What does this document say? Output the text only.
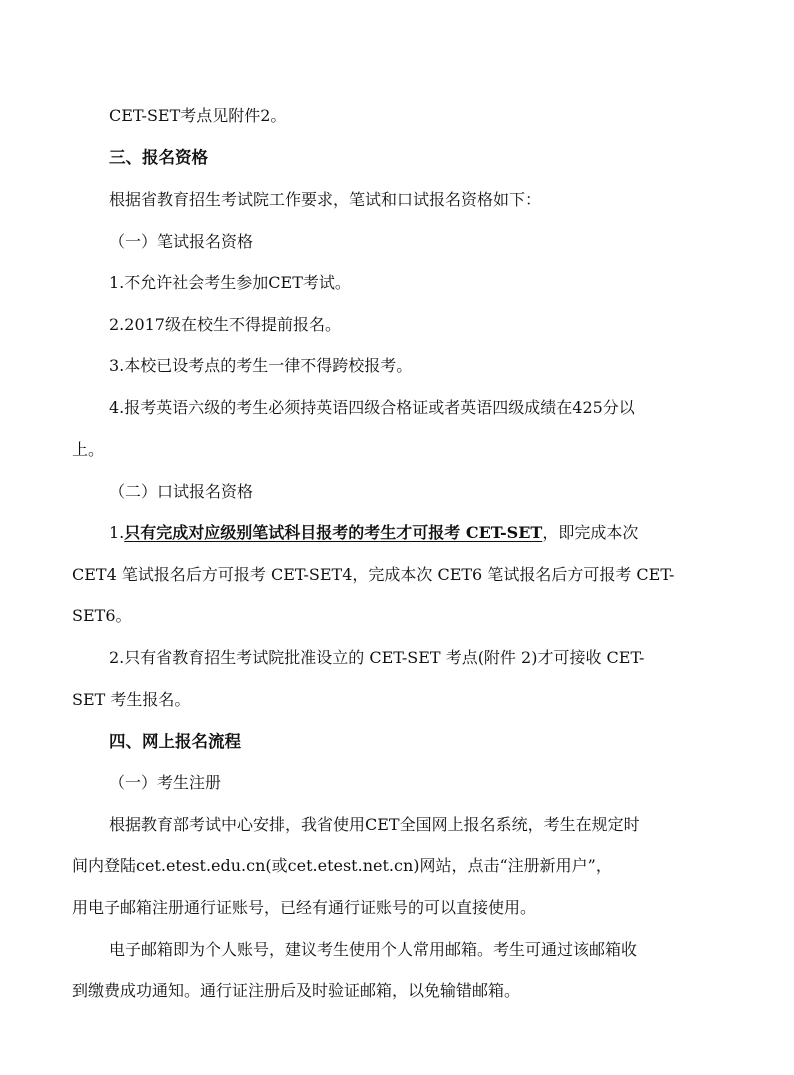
CET-SET考点见附件2。
三、报名资格
根据省教育招生考试院工作要求，笔试和口试报名资格如下：
（一）笔试报名资格
1.不允许社会考生参加CET考试。
2.2017级在校生不得提前报名。
3.本校已设考点的考生一律不得跨校报考。
4.报考英语六级的考生必须持英语四级合格证或者英语四级成绩在425分以
上。
（二）口试报名资格
1.只有完成对应级别笔试科目报考的考生才可报考 CET-SET，即完成本次
CET4 笔试报名后方可报考 CET-SET4，完成本次 CET6 笔试报名后方可报考 CET-
SET6。
2.只有省教育招生考试院批准设立的 CET-SET 考点(附件 2)才可接收 CET-
SET 考生报名。
四、网上报名流程
（一）考生注册
根据教育部考试中心安排，我省使用CET全国网上报名系统，考生在规定时
间内登陆cet.etest.edu.cn(或cet.etest.net.cn)网站，点击“注册新用户”，
用电子邮箱注册通行证账号，已经有通行证账号的可以直接使用。
电子邮箱即为个人账号，建议考生使用个人常用邮箱。考生可通过该邮箱收
到缴费成功通知。通行证注册后及时验证邮箱，以免输错邮箱。
